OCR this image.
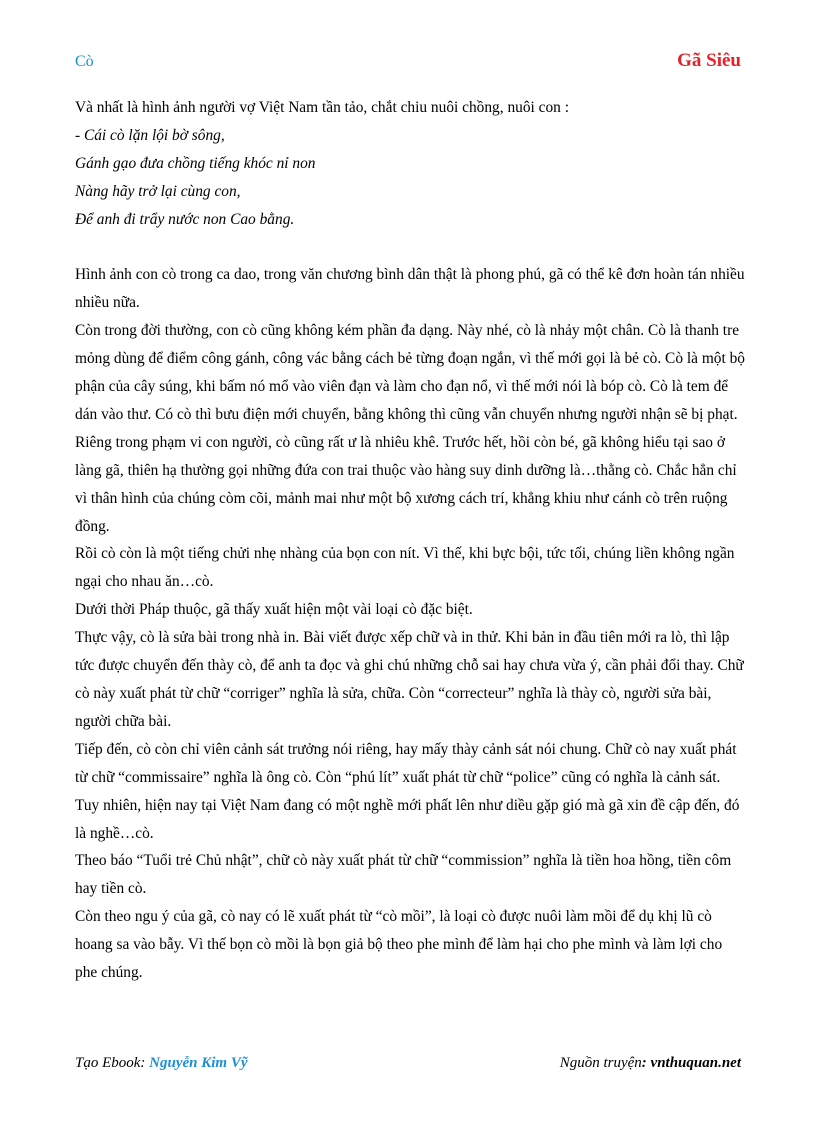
Cò	Gã Siêu

Và nhất là hình ảnh người vợ Việt Nam tần tảo, chắt chiu nuôi chồng, nuôi con :

- Cái cò lặn lội bờ sông,

Gánh gạo đưa chồng tiếng khóc nỉ non

Nàng hãy trở lại cùng con,

Để anh đi trẩy nước non Cao bằng.

Hình ảnh con cò trong ca dao, trong văn chương bình dân thật là phong phú, gã có thể kê đơn hoàn tán nhiều nhiều nữa.

Còn trong đời thường, con cò cũng không kém phần đa dạng. Này nhé, cò là nhảy một chân. Cò là thanh tre mỏng dùng để điểm công gánh, công vác bằng cách bẻ từng đoạn ngắn, vì thế mới gọi là bẻ cò. Cò là một bộ phận của cây súng, khi bấm nó mổ vào viên đạn và làm cho đạn nổ, vì thế mới nói là bóp cò. Cò là tem để dán vào thư. Có cò thì bưu điện mới chuyển, bằng không thì cũng vẫn chuyển nhưng người nhận sẽ bị phạt.

Riêng trong phạm vi con người, cò cũng rất ư là nhiêu khê. Trước hết, hồi còn bé, gã không hiểu tại sao ở làng gã, thiên hạ thường gọi những đứa con trai thuộc vào hàng suy dinh dưỡng là…thằng cò. Chắc hẳn chỉ vì thân hình của chúng còm cõi, mảnh mai như một bộ xương cách trí, khẳng khiu như cánh cò trên ruộng đồng.

Rồi cò còn là một tiếng chửi nhẹ nhàng của bọn con nít. Vì thế, khi bực bội, tức tối, chúng liền không ngần ngại cho nhau ăn…cò.

Dưới thời Pháp thuộc, gã thấy xuất hiện một vài loại cò đặc biệt.

Thực vậy, cò là sửa bài trong nhà in. Bài viết được xếp chữ và in thử. Khi bản in đầu tiên mới ra lò, thì lập tức được chuyển đến thày cò, để anh ta đọc và ghi chú những chỗ sai hay chưa vừa ý, cần phải đổi thay. Chữ cò này xuất phát từ chữ “corriger” nghĩa là sửa, chữa. Còn “correcteur” nghĩa là thày cò, người sửa bài, người chữa bài.

Tiếp đến, cò còn chỉ viên cảnh sát trưởng nói riêng, hay mấy thày cảnh sát nói chung. Chữ cò nay xuất phát từ chữ “commissaire” nghĩa là ông cò. Còn “phú lít” xuất phát từ chữ “police” cũng có nghĩa là cảnh sát.

Tuy nhiên, hiện nay tại Việt Nam đang có một nghề mới phất lên như diều gặp gió mà gã xin đề cập đến, đó là nghề…cò.

Theo báo “Tuổi trẻ Chủ nhật”, chữ cò này xuất phát từ chữ “commission” nghĩa là tiền hoa hồng, tiền côm hay tiền cò.

Còn theo ngu ý của gã, cò nay có lẽ xuất phát từ “cò mồi”, là loại cò được nuôi làm mồi để dụ khị lũ cò hoang sa vào bẫy. Vì thế bọn cò mồi là bọn giả bộ theo phe mình để làm hại cho phe mình và làm lợi cho phe chúng.

Tạo Ebook: Nguyễn Kim Vỹ	Nguồn truyện: vnthuquan.net
